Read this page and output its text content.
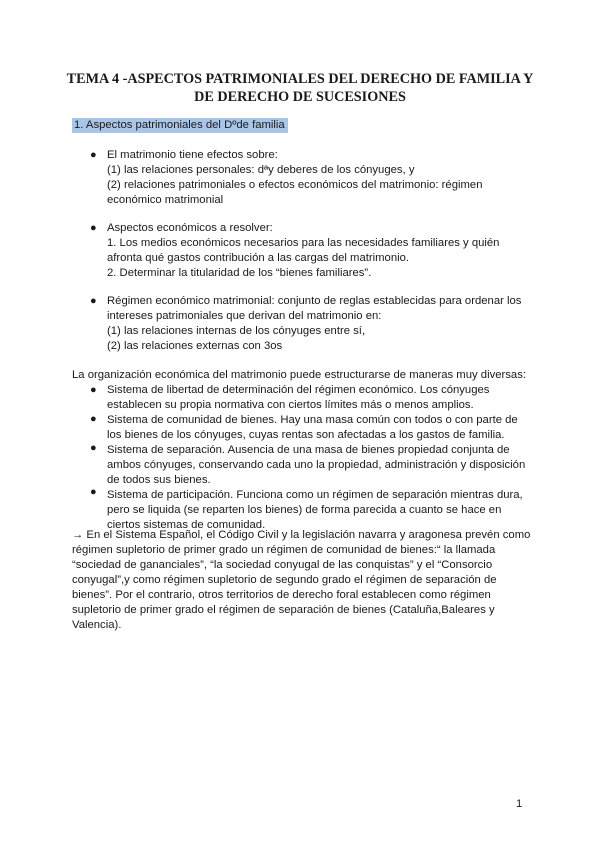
TEMA 4 -ASPECTOS PATRIMONIALES DEL DERECHO DE FAMILIA Y
DE DERECHO DE SUCESIONES
1. Aspectos patrimoniales del Dºde familia
● El matrimonio tiene efectos sobre:
(1) las relaciones personales: dªy deberes de los cónyuges, y
(2) relaciones patrimoniales o efectos económicos del matrimonio: régimen
económico matrimonial
● Aspectos económicos a resolver:
1. Los medios económicos necesarios para las necesidades familiares y quién
afronta qué gastos contribución a las cargas del matrimonio.
2. Determinar la titularidad de los “bienes familiares”.
● Régimen económico matrimonial: conjunto de reglas establecidas para ordenar los
intereses patrimoniales que derivan del matrimonio en:
(1) las relaciones internas de los cónyuges entre sí,
(2) las relaciones externas con 3os
La organización económica del matrimonio puede estructurarse de maneras muy diversas:
●
●
●
●
Sistema de libertad de determinación del régimen económico. Los cónyuges
establecen su propia normativa con ciertos límites más o menos amplios.
Sistema de comunidad de bienes. Hay una masa común con todos o con parte de
los bienes de los cónyuges, cuyas rentas son afectadas a los gastos de familia.
Sistema de separación. Ausencia de una masa de bienes propiedad conjunta de
ambos cónyuges, conservando cada uno la propiedad, administración y disposición
de todos sus bienes.
Sistema de participación. Funciona como un régimen de separación mientras dura,
pero se liquida (se reparten los bienes) de forma parecida a cuanto se hace en
ciertos sistemas de comunidad.
→ En el Sistema Español, el Código Civil y la legislación navarra y aragonesa prevén como
régimen supletorio de primer grado un régimen de comunidad de bienes:“ la llamada
“sociedad de gananciales”, “la sociedad conyugal de las conquistas” y el “Consorcio
conyugal”,y como régimen supletorio de segundo grado el régimen de separación de
bienes”. Por el contrario, otros territorios de derecho foral establecen como régimen
supletorio de primer grado el régimen de separación de bienes (Cataluña,Baleares y
Valencia).
1
